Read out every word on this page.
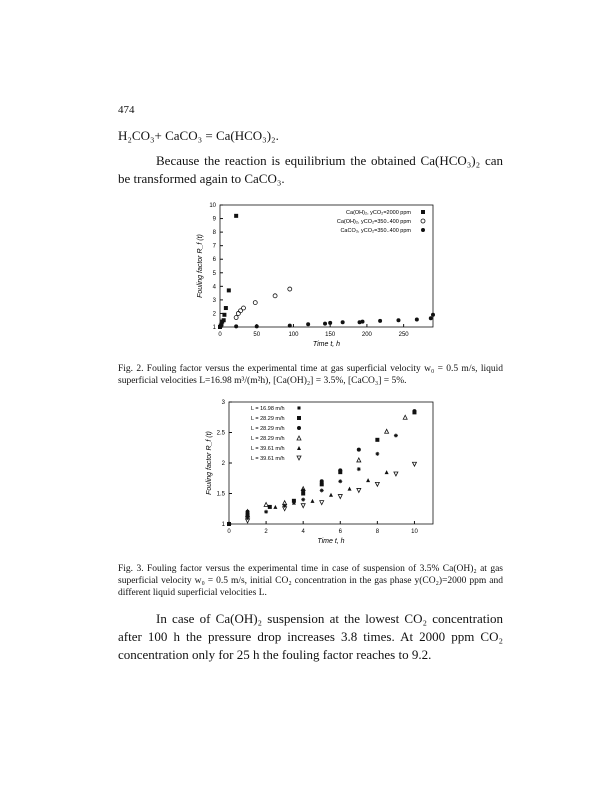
474
H₂CO₃+ CaCO₃ = Ca(HCO₃)₂.
Because the reaction is equilibrium the obtained Ca(HCO₃)₂ can be transformed again to CaCO₃.
0	50	100	150	200	250
1
2
3
4
5
6
7
8
9
10
Time t, h
Fouling factor R_f (t)
Ca(OH)₂, yCO₂=2000 ppm
Ca(OH)₂, yCO₂=350..400 ppm
CaCO₃, yCO₂=350..400 ppm
Fig. 2. Fouling factor versus the experimental time at gas superficial velocity w₀ = 0.5 m/s, liquid superficial velocities L=16.98 m³/(m²h), [Ca(OH)₂] = 3.5%, [CaCO₃] = 5%.
0	2	4	6	8	10
1
1.5
2
2.5
3
Time t, h
Fouling factor R_f (t)
L = 16.98 m/h
L = 28.29 m/h
L = 28.29 m/h
L = 28.29 m/h
L = 39.61 m/h
L = 39.61 m/h
Fig. 3. Fouling factor versus the experimental time in case of suspension of 3.5% Ca(OH)₂ at gas superficial velocity w₀ = 0.5 m/s, initial CO₂ concentration in the gas phase y(CO₂)=2000 ppm and different liquid superficial velocities L.
In case of Ca(OH)₂ suspension at the lowest CO₂ concentration after 100 h the pressure drop increases 3.8 times. At 2000 ppm CO₂ concentration only for 25 h the fouling factor reaches to 9.2.
